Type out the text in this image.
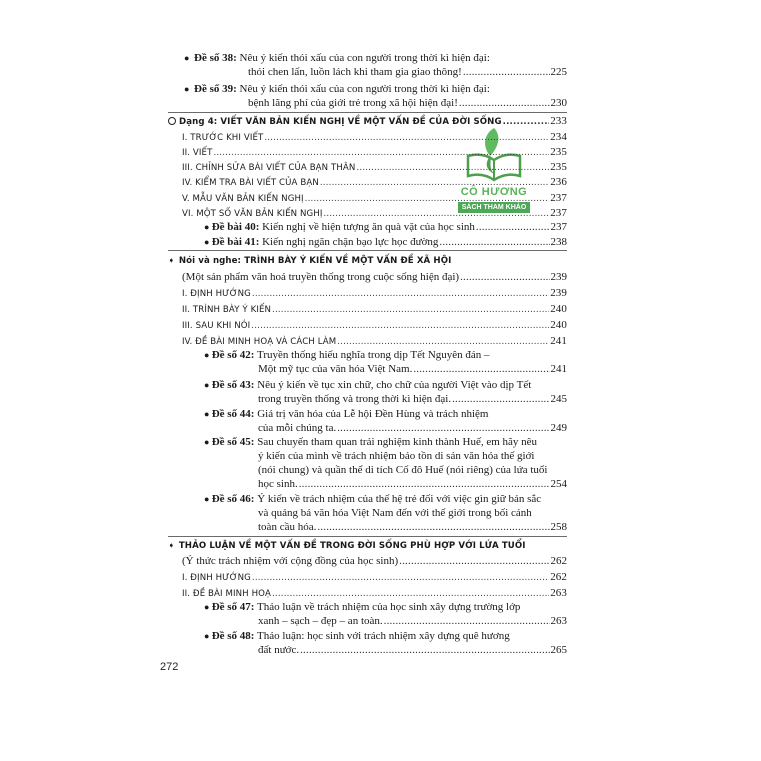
CÔ HƯƠNG
SÁCH THAM KHẢO
Đề số 38:
●	Nêu ý kiến thói xấu của con người trong thời kì hiện đại:
thói chen lấn, luồn lách khi tham gia giao thông! .....	225
● Đề số 39: Nêu ý kiến thói xấu của con người trong thời kì hiện đại:
bệnh lãng phí của giới trẻ trong xã hội hiện đại! .....	230
Dạng 4: VIẾT VĂN BẢN KIẾN NGHỊ VỀ MỘT VẤN ĐỀ CỦA ĐỜI SỐNG .....	233
I. TRƯỚC KHI VIẾT .....	234
II. VIẾT .....	235
III. CHỈNH SỬA BÀI VIẾT CỦA BẠN THÂN .....	235
IV. KIỂM TRA BÀI VIẾT CỦA BẠN .....	236
V. MẪU VĂN BẢN KIẾN NGHỊ .....	237
VI. MỘT SỐ VĂN BẢN KIẾN NGHỊ .....	237
● Đề bài 40: Kiến nghị về hiện tượng ăn quà vặt của học sinh .....	237
● Đề bài 41: Kiến nghị ngăn chặn bạo lực học đường .....	238
➧ Nói và nghe: TRÌNH BÀY Ý KIẾN VỀ MỘT VẤN ĐỀ XÃ HỘI
(Một sản phẩm văn hoá truyền thống trong cuộc sống hiện đại) .....	239
I. ĐỊNH HƯỚNG .....	239
II. TRÌNH BÀY Ý KIẾN .....	240
III. SAU KHI NÓI .....	240
IV. ĐỀ BÀI MINH HOẠ VÀ CÁCH LÀM .....	241
● Đề số 42: Truyền thống hiếu nghĩa trong dịp Tết Nguyên đán –
Một mỹ tục của văn hóa Việt Nam. .....	241
● Đề số 43: Nêu ý kiến về tục xin chữ, cho chữ của người Việt vào dịp Tết
trong truyền thống và trong thời kì hiện đại. .....	245
● Đề số 44: Giá trị văn hóa của Lễ hội Đền Hùng và trách nhiệm
của mỗi chúng ta. .....	249
● Đề số 45: Sau chuyến tham quan trải nghiệm kinh thành Huế, em hãy nêu
ý kiến của mình về trách nhiệm bảo tồn di sản văn hóa thế giới
(nói chung) và quần thể di tích Cố đô Huế (nói riêng) của lứa tuổi
học sinh. .....	254
● Đề số 46: Ý kiến về trách nhiệm của thế hệ trẻ đối với việc gìn giữ bản sắc
và quảng bá văn hóa Việt Nam đến với thế giới trong bối cảnh
toàn cầu hóa. .....	258
➧ THẢO LUẬN VỀ MỘT VẤN ĐỀ TRONG ĐỜI SỐNG PHÙ HỢP VỚI LỨA TUỔI
(Ý thức trách nhiệm với cộng đồng của học sinh) .....	262
I. ĐỊNH HƯỚNG .....	262
II. ĐỀ BÀI MINH HOẠ .....	263
● Đề số 47: Thảo luận về trách nhiệm của học sinh xây dựng trường lớp
xanh – sạch – đẹp – an toàn. .....	263
● Đề số 48: Thảo luận: học sinh với trách nhiệm xây dựng quê hương
đất nước. .....	265
272
